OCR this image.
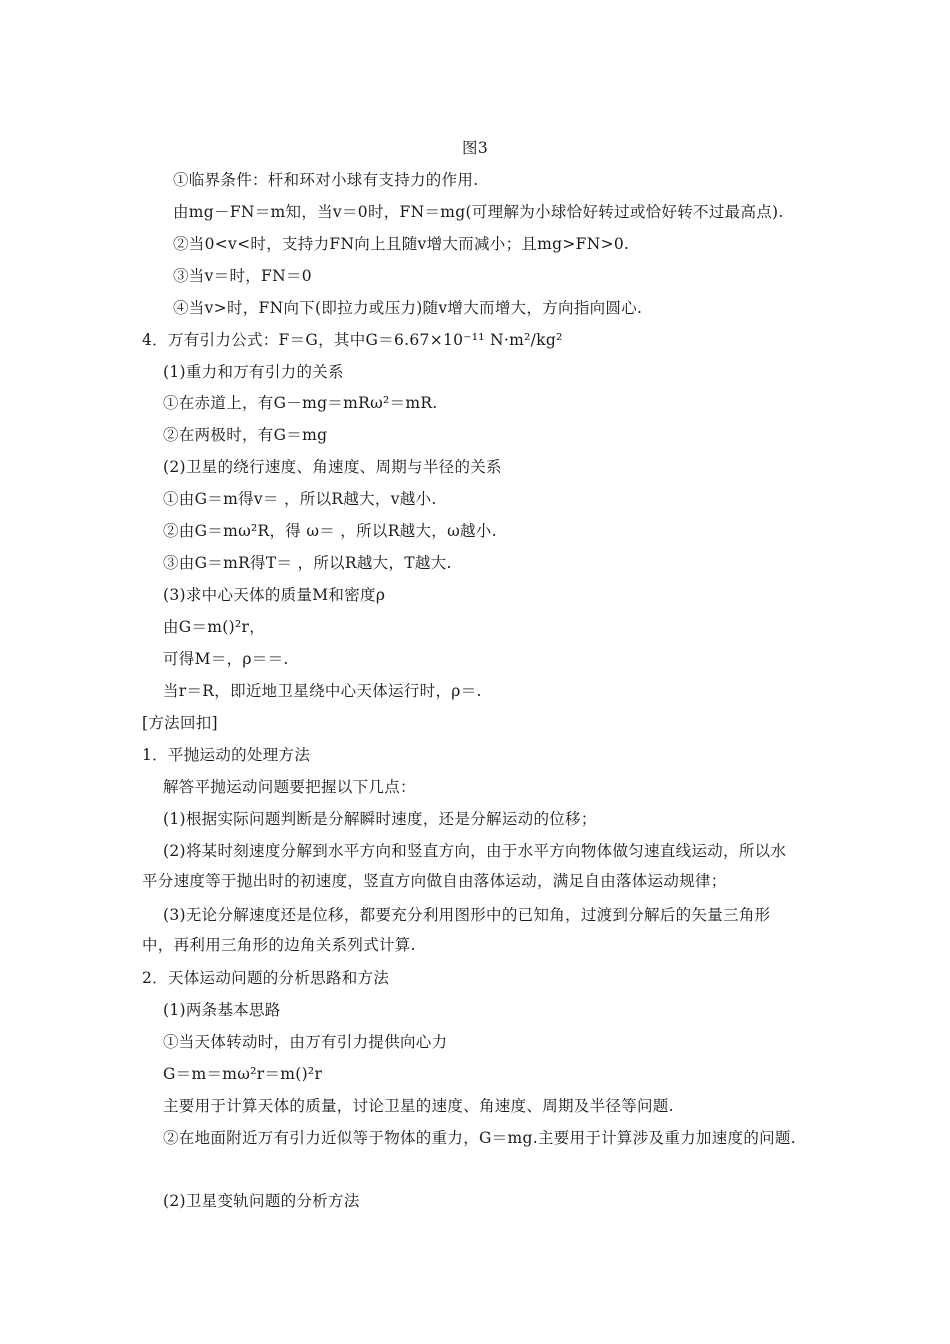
图3
①临界条件：杆和环对小球有支持力的作用.
由mg－FN＝m知，当v＝0时，FN＝mg(可理解为小球恰好转过或恰好转不过最高点).
②当0<v<时，支持力FN向上且随v增大而减小；且mg>FN>0.
③当v＝时，FN＝0
④当v>时，FN向下(即拉力或压力)随v增大而增大，方向指向圆心.
4．万有引力公式：F＝G，其中G＝6.67×10⁻¹¹ N·m²/kg²
(1)重力和万有引力的关系
①在赤道上，有G－mg＝mRω²＝mR.
②在两极时，有G＝mg
(2)卫星的绕行速度、角速度、周期与半径的关系
①由G＝m得v＝ ，所以R越大，v越小.
②由G＝mω²R，得 ω＝ ，所以R越大，ω越小.
③由G＝mR得T＝ ，所以R越大，T越大.
(3)求中心天体的质量M和密度ρ
由G＝m()²r，
可得M＝，ρ＝＝.
当r＝R，即近地卫星绕中心天体运行时，ρ＝.
[方法回扣]
1．平抛运动的处理方法
解答平抛运动问题要把握以下几点：
(1)根据实际问题判断是分解瞬时速度，还是分解运动的位移；
(2)将某时刻速度分解到水平方向和竖直方向，由于水平方向物体做匀速直线运动，所以水平分速度等于抛出时的初速度，竖直方向做自由落体运动，满足自由落体运动规律；
(3)无论分解速度还是位移，都要充分利用图形中的已知角，过渡到分解后的矢量三角形中，再利用三角形的边角关系列式计算.
2．天体运动问题的分析思路和方法
(1)两条基本思路
①当天体转动时，由万有引力提供向心力
G＝m＝mω²r＝m()²r
主要用于计算天体的质量，讨论卫星的速度、角速度、周期及半径等问题.
②在地面附近万有引力近似等于物体的重力，G＝mg.主要用于计算涉及重力加速度的问题.
(2)卫星变轨问题的分析方法
